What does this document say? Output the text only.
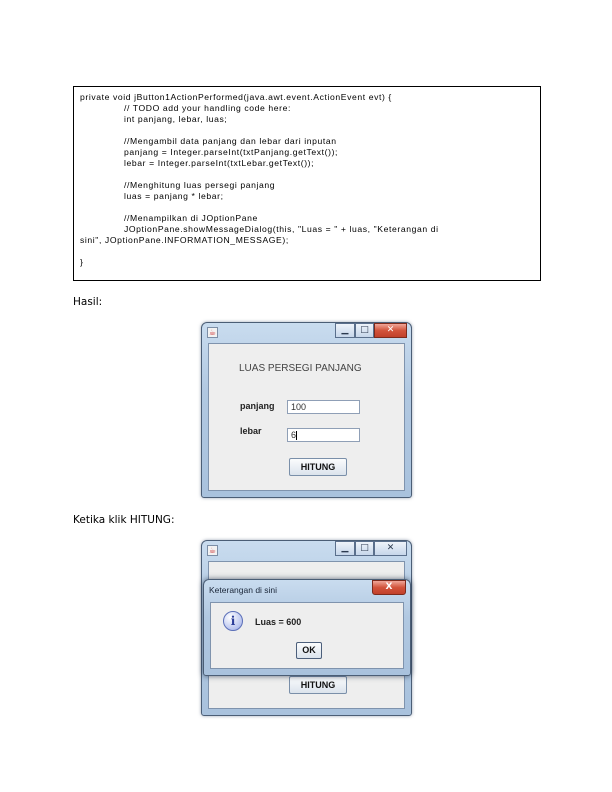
private void jButton1ActionPerformed(java.awt.event.ActionEvent evt) {
// TODO add your handling code here:
int panjang, lebar, luas;
//Mengambil data panjang dan lebar dari inputan
panjang = Integer.parseInt(txtPanjang.getText());
lebar = Integer.parseInt(txtLebar.getText());
//Menghitung luas persegi panjang
luas = panjang * lebar;
//Menampilkan di JOptionPane
JOptionPane.showMessageDialog(this, "Luas = " + luas, "Keterangan di
sini", JOptionPane.INFORMATION_MESSAGE);
}
Hasil:
☕	▁	□	✕
LUAS PERSEGI PANJANG
panjang	100
lebar	6
HITUNG
Ketika klik HITUNG:
☕	▁	□	✕
HITUNG
Keterangan di sini	X
i	Luas = 600
OK
